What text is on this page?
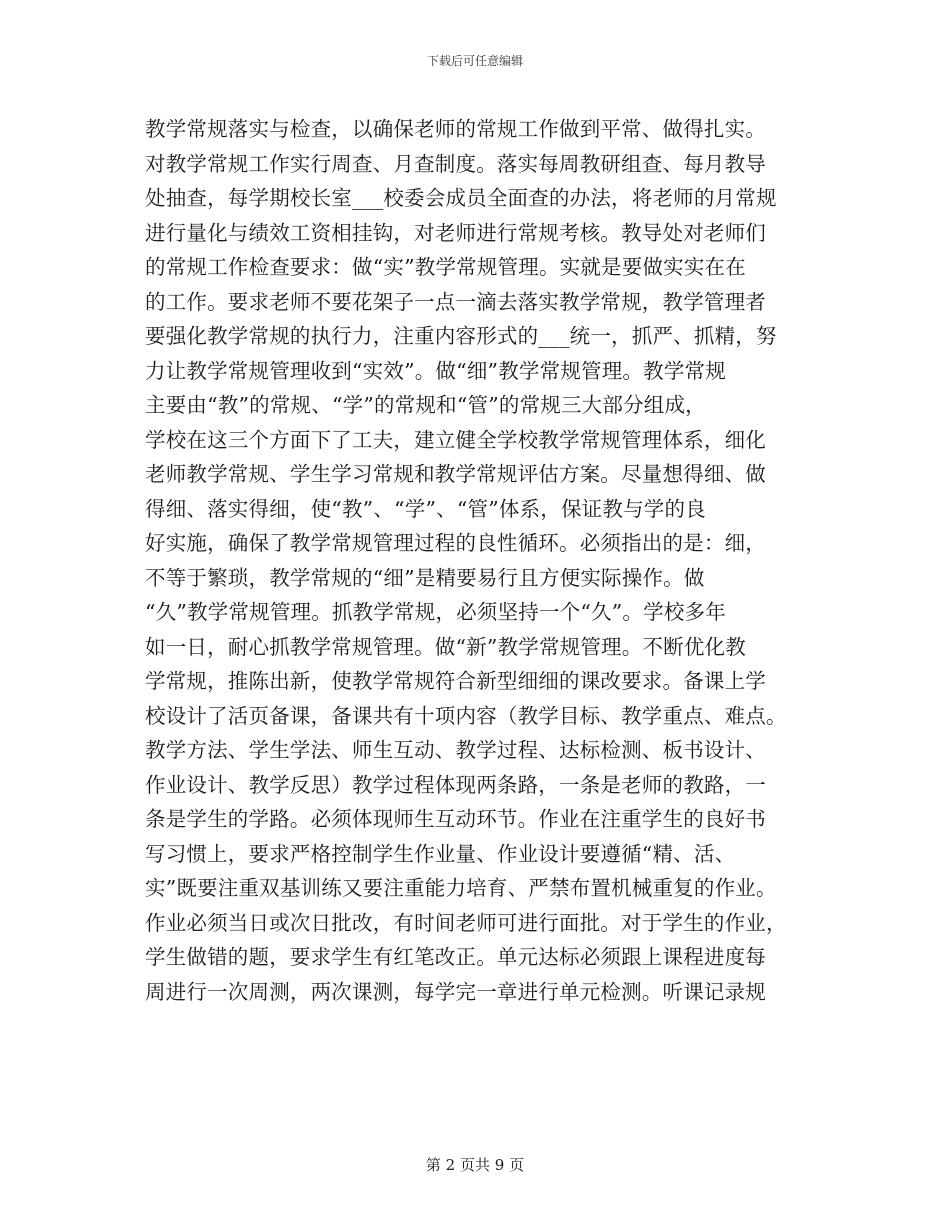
下载后可任意编辑
教学常规落实与检查，以确保老师的常规工作做到平常、做得扎实。
对教学常规工作实行周查、月查制度。落实每周教研组查、每月教导
处抽查，每学期校长室___校委会成员全面查的办法，将老师的月常规
进行量化与绩效工资相挂钩，对老师进行常规考核。教导处对老师们
的常规工作检查要求：做“实”教学常规管理。实就是要做实实在在
的工作。要求老师不要花架子一点一滴去落实教学常规，教学管理者
要强化教学常规的执行力，注重内容形式的___统一，抓严、抓精，努
力让教学常规管理收到“实效”。做“细”教学常规管理。教学常规
主要由“教”的常规、“学”的常规和“管”的常规三大部分组成，
学校在这三个方面下了工夫，建立健全学校教学常规管理体系，细化
老师教学常规、学生学习常规和教学常规评估方案。尽量想得细、做
得细、落实得细，使“教”、“学”、“管”体系，保证教与学的良
好实施，确保了教学常规管理过程的良性循环。必须指出的是：细，
不等于繁琐，教学常规的“细”是精要易行且方便实际操作。做
“久”教学常规管理。抓教学常规，必须坚持一个“久”。学校多年
如一日，耐心抓教学常规管理。做“新”教学常规管理。不断优化教
学常规，推陈出新，使教学常规符合新型细细的课改要求。备课上学
校设计了活页备课，备课共有十项内容（教学目标、教学重点、难点。
教学方法、学生学法、师生互动、教学过程、达标检测、板书设计、
作业设计、教学反思）教学过程体现两条路，一条是老师的教路，一
条是学生的学路。必须体现师生互动环节。作业在注重学生的良好书
写习惯上，要求严格控制学生作业量、作业设计要遵循“精、活、
实”既要注重双基训练又要注重能力培育、严禁布置机械重复的作业。
作业必须当日或次日批改，有时间老师可进行面批。对于学生的作业，
学生做错的题，要求学生有红笔改正。单元达标必须跟上课程进度每
周进行一次周测，两次课测，每学完一章进行单元检测。听课记录规
第 2 页共 9 页
